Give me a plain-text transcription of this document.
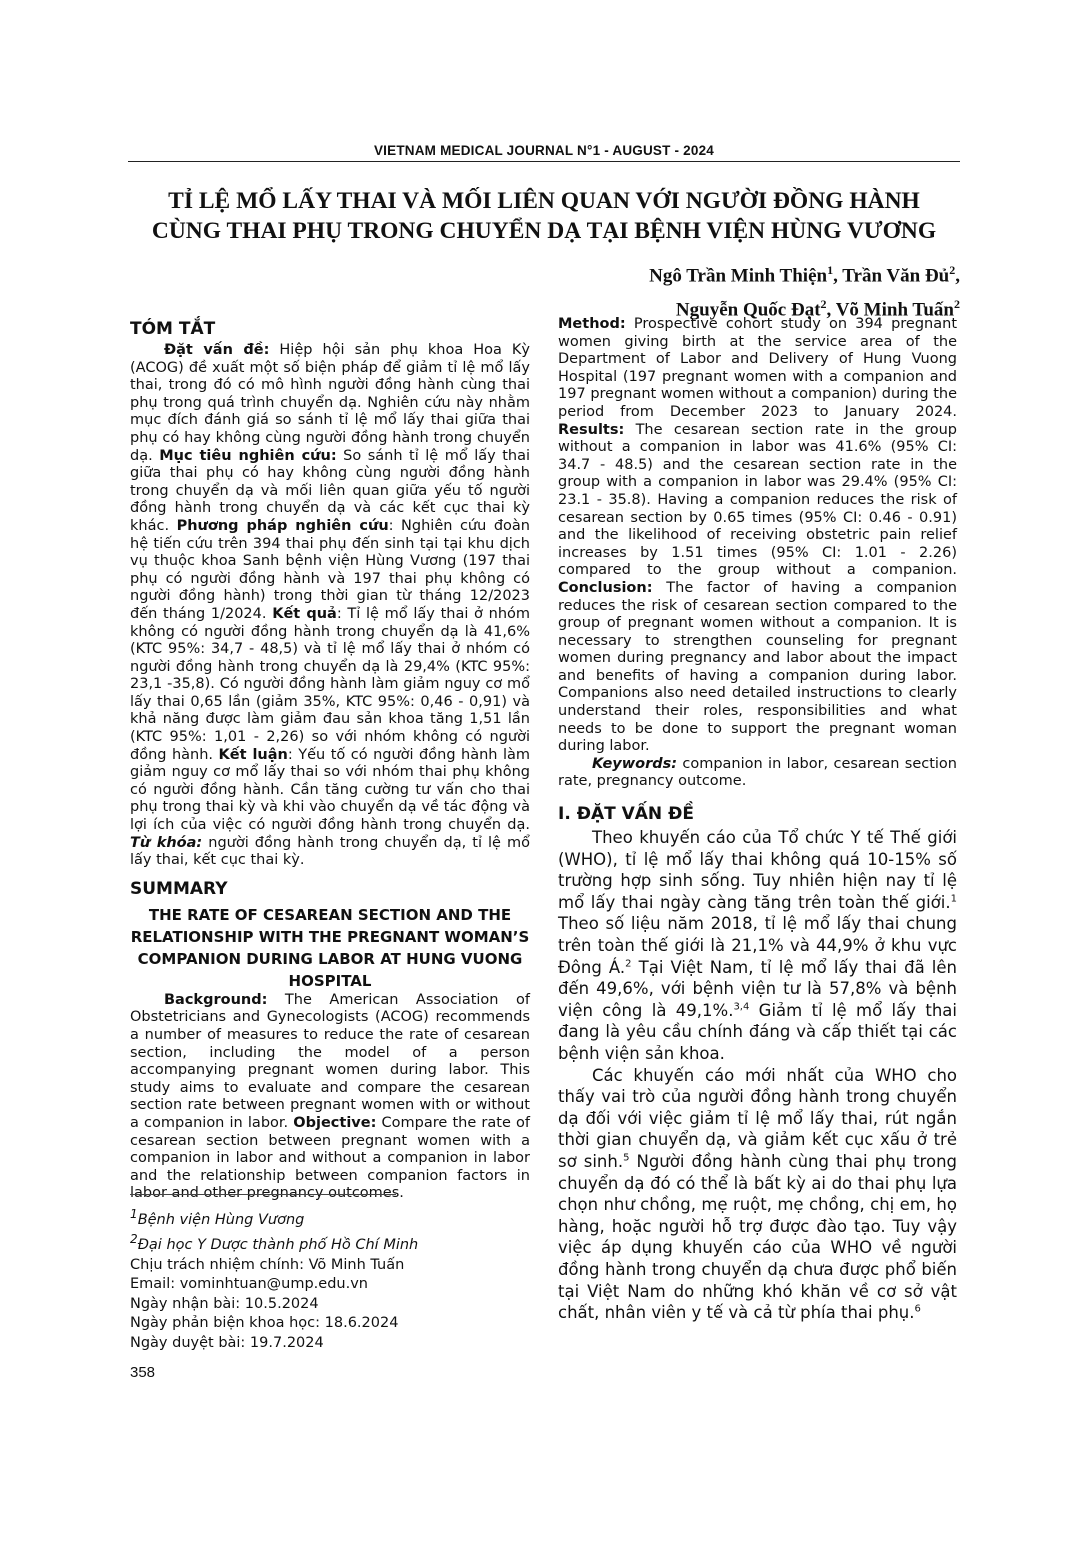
VIETNAM MEDICAL JOURNAL N°1 - AUGUST - 2024
TỈ LỆ MỔ LẤY THAI VÀ MỐI LIÊN QUAN VỚI NGƯỜI ĐỒNG HÀNH
CÙNG THAI PHỤ TRONG CHUYỂN DẠ TẠI BỆNH VIỆN HÙNG VƯƠNG
Ngô Trần Minh Thiện$^1$, Trần Văn Đủ$^2$,
Nguyễn Quốc Đạt$^2$, Võ Minh Tuấn$^2$
TÓM TẮT

Đặt vấn đề: Hiệp hội sản phụ khoa Hoa Kỳ (ACOG) đề xuất một số biện pháp để giảm tỉ lệ mổ lấy thai, trong đó có mô hình người đồng hành cùng thai phụ trong quá trình chuyển dạ. Nghiên cứu này nhằm mục đích đánh giá so sánh tỉ lệ mổ lấy thai giữa thai phụ có hay không cùng người đồng hành trong chuyển dạ. Mục tiêu nghiên cứu: So sánh tỉ lệ mổ lấy thai giữa thai phụ có hay không cùng người đồng hành trong chuyển dạ và mối liên quan giữa yếu tố người đồng hành trong chuyển dạ và các kết cục thai kỳ khác. Phương pháp nghiên cứu: Nghiên cứu đoàn hệ tiến cứu trên 394 thai phụ đến sinh tại tại khu dịch vụ thuộc khoa Sanh bệnh viện Hùng Vương (197 thai phụ có người đồng hành và 197 thai phụ không có người đồng hành) trong thời gian từ tháng 12/2023 đến tháng 1/2024. Kết quả: Tỉ lệ mổ lấy thai ở nhóm không có người đồng hành trong chuyển dạ là 41,6% (KTC 95%: 34,7 - 48,5) và tỉ lệ mổ lấy thai ở nhóm có người đồng hành trong chuyển dạ là 29,4% (KTC 95%: 23,1 -35,8). Có người đồng hành làm giảm nguy cơ mổ lấy thai 0,65 lần (giảm 35%, KTC 95%: 0,46 - 0,91) và khả năng được làm giảm đau sản khoa tăng 1,51 lần (KTC 95%: 1,01 - 2,26) so với nhóm không có người đồng hành. Kết luận: Yếu tố có người đồng hành làm giảm nguy cơ mổ lấy thai so với nhóm thai phụ không có người đồng hành. Cần tăng cường tư vấn cho thai phụ trong thai kỳ và khi vào chuyển dạ về tác động và lợi ích của việc có người đồng hành trong chuyển dạ. Từ khóa: người đồng hành trong chuyển dạ, tỉ lệ mổ lấy thai, kết cục thai kỳ.

SUMMARY
THE RATE OF CESAREAN SECTION AND THE RELATIONSHIP WITH THE PREGNANT WOMAN’S COMPANION DURING LABOR AT HUNG VUONG HOSPITAL

Background: The American Association of Obstetricians and Gynecologists (ACOG) recommends a number of measures to reduce the rate of cesarean section, including the model of a person accompanying pregnant women during labor. This study aims to evaluate and compare the cesarean section rate between pregnant women with or without a companion in labor. Objective: Compare the rate of cesarean section between pregnant women with a companion in labor and without a companion in labor and the relationship between companion factors in labor and other pregnancy outcomes.

$^1$Bệnh viện Hùng Vương
$^2$Đại học Y Dược thành phố Hồ Chí Minh
Chịu trách nhiệm chính: Võ Minh Tuấn
Email: vominhtuan@ump.edu.vn
Ngày nhận bài: 10.5.2024
Ngày phản biện khoa học: 18.6.2024
Ngày duyệt bài: 19.7.2024
358

Method: Prospective cohort study on 394 pregnant women giving birth at the service area of the Department of Labor and Delivery of Hung Vuong Hospital (197 pregnant women with a companion and 197 pregnant women without a companion) during the period from December 2023 to January 2024. Results: The cesarean section rate in the group without a companion in labor was 41.6% (95% CI: 34.7 - 48.5) and the cesarean section rate in the group with a companion in labor was 29.4% (95% CI: 23.1 - 35.8). Having a companion reduces the risk of cesarean section by 0.65 times (95% CI: 0.46 - 0.91) and the likelihood of receiving obstetric pain relief increases by 1.51 times (95% CI: 1.01 - 2.26) compared to the group without a companion. Conclusion: The factor of having a companion reduces the risk of cesarean section compared to the group of pregnant women without a companion. It is necessary to strengthen counseling for pregnant women during pregnancy and labor about the impact and benefits of having a companion during labor. Companions also need detailed instructions to clearly understand their roles, responsibilities and what needs to be done to support the pregnant woman during labor.

Keywords: companion in labor, cesarean section rate, pregnancy outcome.

I. ĐẶT VẤN ĐỀ

Theo khuyến cáo của Tổ chức Y tế Thế giới (WHO), tỉ lệ mổ lấy thai không quá 10-15% số trường hợp sinh sống. Tuy nhiên hiện nay tỉ lệ mổ lấy thai ngày càng tăng trên toàn thế giới.$^1$ Theo số liệu năm 2018, tỉ lệ mổ lấy thai chung trên toàn thế giới là 21,1% và 44,9% ở khu vực Đông Á.$^2$ Tại Việt Nam, tỉ lệ mổ lấy thai đã lên đến 49,6%, với bệnh viện tư là 57,8% và bệnh viện công là 49,1%.$^{3,4}$ Giảm tỉ lệ mổ lấy thai đang là yêu cầu chính đáng và cấp thiết tại các bệnh viện sản khoa.

Các khuyến cáo mới nhất của WHO cho thấy vai trò của người đồng hành trong chuyển dạ đối với việc giảm tỉ lệ mổ lấy thai, rút ngắn thời gian chuyển dạ, và giảm kết cục xấu ở trẻ sơ sinh.$^5$ Người đồng hành cùng thai phụ trong chuyển dạ đó có thể là bất kỳ ai do thai phụ lựa chọn như chồng, mẹ ruột, mẹ chồng, chị em, họ hàng, hoặc người hỗ trợ được đào tạo. Tuy vậy việc áp dụng khuyến cáo của WHO về người đồng hành trong chuyển dạ chưa được phổ biến tại Việt Nam do những khó khăn về cơ sở vật chất, nhân viên y tế và cả từ phía thai phụ.$^6$
